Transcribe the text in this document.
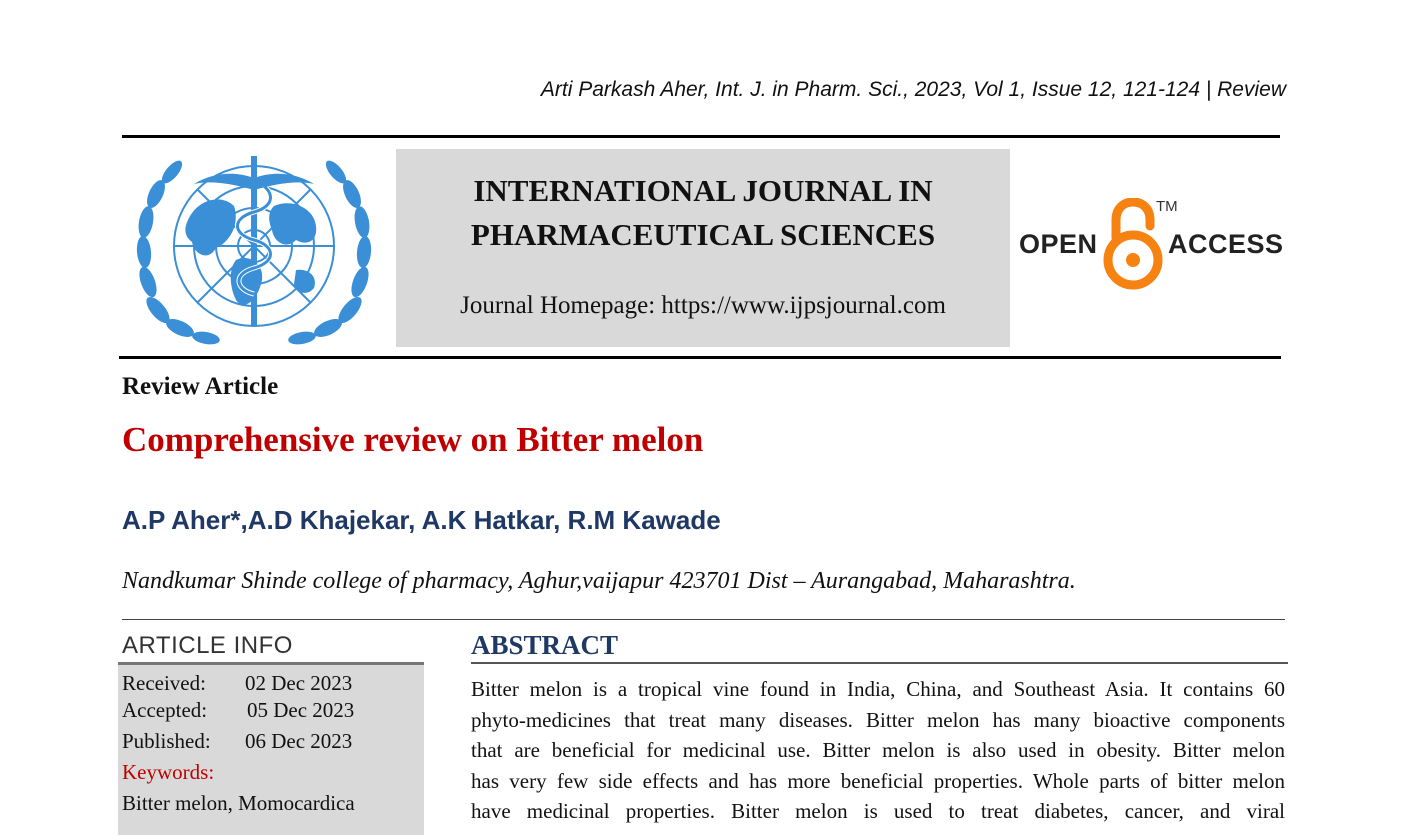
Arti Parkash Aher, Int. J. in Pharm. Sci., 2023, Vol 1, Issue 12, 121-124 | Review
INTERNATIONAL JOURNAL IN
PHARMACEUTICAL SCIENCES
Journal Homepage: https://www.ijpsjournal.com
OPEN
TM
ACCESS
Review Article
Comprehensive review on Bitter melon
A.P Aher*,A.D Khajekar, A.K Hatkar, R.M Kawade
Nandkumar Shinde college of pharmacy, Aghur,vaijapur 423701 Dist – Aurangabad, Maharashtra.
ARTICLE INFO
Received: 02 Dec 2023
Accepted: 05 Dec 2023
Published: 06 Dec 2023
Keywords:
Bitter melon, Momocardica
ABSTRACT
Bitter melon is a tropical vine found in India, China, and Southeast Asia. It contains 60
phyto-medicines that treat many diseases. Bitter melon has many bioactive components
that are beneficial for medicinal use. Bitter melon is also used in obesity. Bitter melon
has very few side effects and has more beneficial properties. Whole parts of bitter melon
have medicinal properties. Bitter melon is used to treat diabetes, cancer, and viral
